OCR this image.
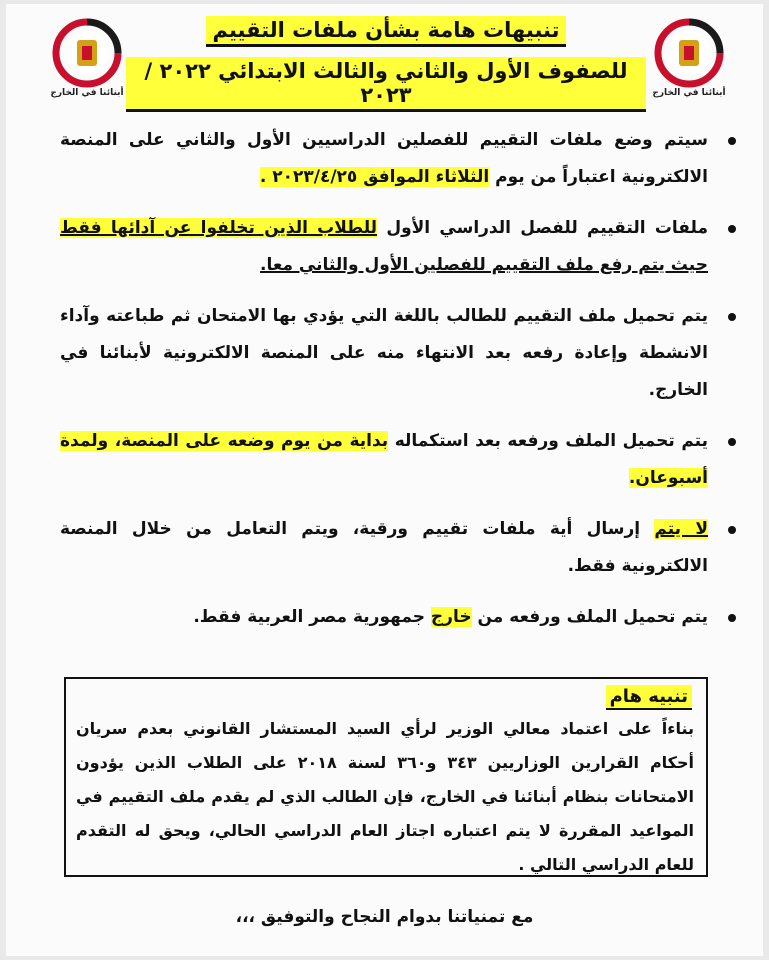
أبنائنا في الخارج	أبنائنا في الخارج
تنبيهات هامة بشأن ملفات التقييم
للصفوف الأول والثاني والثالث الابتدائي ٢٠٢٢ / ٢٠٢٣
سيتم وضع ملفات التقييم للفصلين الدراسيين الأول والثاني على المنصة الالكترونية اعتباراً من يوم الثلاثاء الموافق ٢٠٢٣/٤/٢٥ .
ملفات التقييم للفصل الدراسي الأول للطلاب الذين تخلفوا عن آدائها فقط حيث يتم رفع ملف التقييم للفصلين الأول والثاني معا.
يتم تحميل ملف التقييم للطالب باللغة التي يؤدي بها الامتحان ثم طباعته وآداء الانشطة وإعادة رفعه بعد الانتهاء منه على المنصة الالكترونية لأبنائنا في الخارج.
يتم تحميل الملف ورفعه بعد استكماله بداية من يوم وضعه على المنصة، ولمدة أسبوعان.
لا يتم إرسال أية ملفات تقييم ورقية، ويتم التعامل من خلال المنصة الالكترونية فقط.
يتم تحميل الملف ورفعه من خارج جمهورية مصر العربية فقط.
تنبيه هام
بناءاً على اعتماد معالي الوزير لرأي السيد المستشار القانوني بعدم سريان أحكام القرارين الوزاريين ٣٤٣ و٣٦٠ لسنة ٢٠١٨ على الطلاب الذين يؤدون الامتحانات بنظام أبنائنا في الخارج، فإن الطالب الذي لم يقدم ملف التقييم في المواعيد المقررة لا يتم اعتباره اجتاز العام الدراسي الحالي، ويحق له التقدم للعام الدراسي التالي .
مع تمنياتنا بدوام النجاح والتوفيق ،،،
